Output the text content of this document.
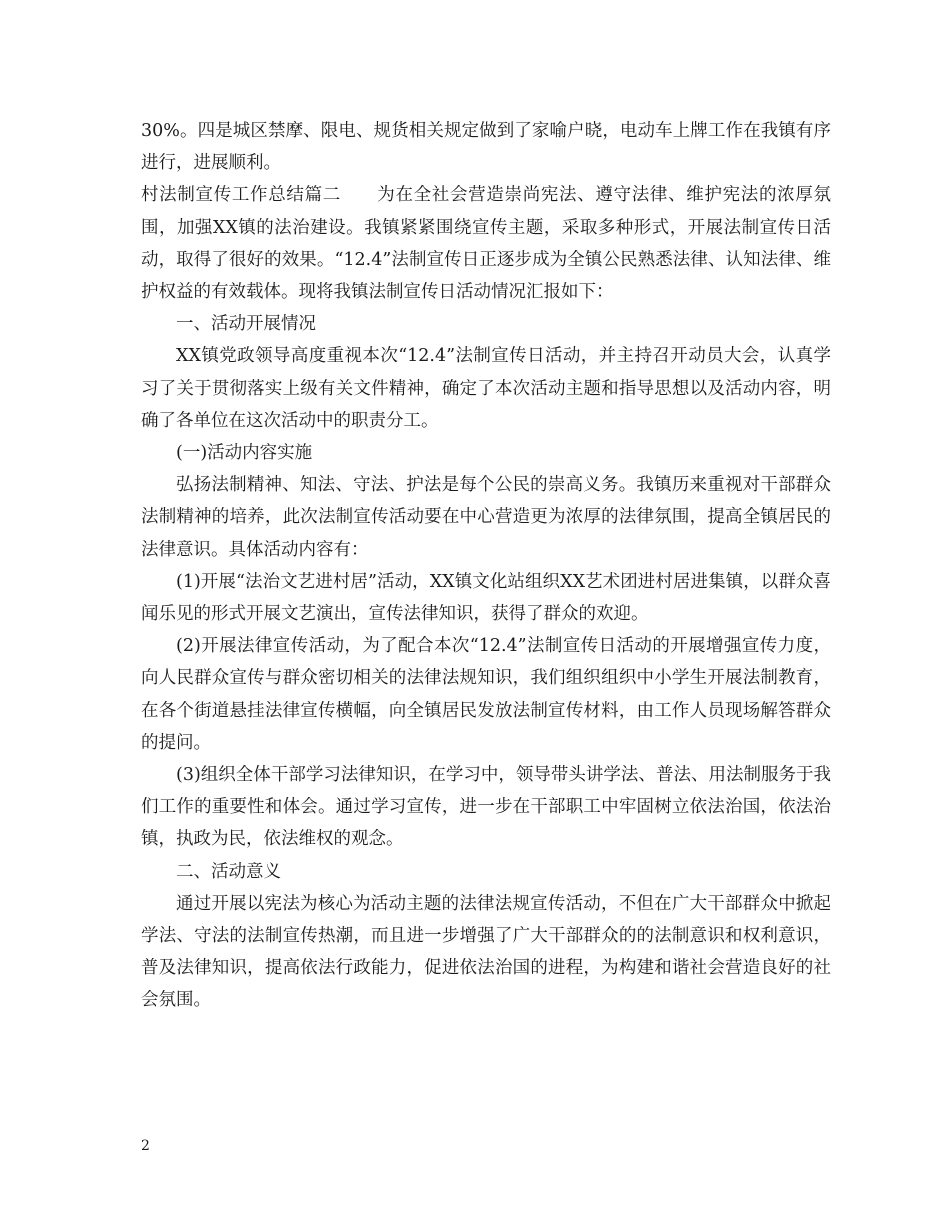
30%。四是城区禁摩、限电、规货相关规定做到了家喻户晓，电动车上牌工作在我镇有序进行，进展顺利。

村法制宣传工作总结篇二　　为在全社会营造崇尚宪法、遵守法律、维护宪法的浓厚氛围，加强XX镇的法治建设。我镇紧紧围绕宣传主题，采取多种形式，开展法制宣传日活动，取得了很好的效果。“12.4”法制宣传日正逐步成为全镇公民熟悉法律、认知法律、维护权益的有效载体。现将我镇法制宣传日活动情况汇报如下：

一、活动开展情况

XX镇党政领导高度重视本次“12.4”法制宣传日活动，并主持召开动员大会，认真学习了关于贯彻落实上级有关文件精神，确定了本次活动主题和指导思想以及活动内容，明确了各单位在这次活动中的职责分工。

(一)活动内容实施

弘扬法制精神、知法、守法、护法是每个公民的崇高义务。我镇历来重视对干部群众法制精神的培养，此次法制宣传活动要在中心营造更为浓厚的法律氛围，提高全镇居民的法律意识。具体活动内容有：

(1)开展“法治文艺进村居”活动，XX镇文化站组织XX艺术团进村居进集镇，以群众喜闻乐见的形式开展文艺演出，宣传法律知识，获得了群众的欢迎。

(2)开展法律宣传活动，为了配合本次“12.4”法制宣传日活动的开展增强宣传力度，向人民群众宣传与群众密切相关的法律法规知识，我们组织组织中小学生开展法制教育，在各个街道悬挂法律宣传横幅，向全镇居民发放法制宣传材料，由工作人员现场解答群众的提问。

(3)组织全体干部学习法律知识，在学习中，领导带头讲学法、普法、用法制服务于我们工作的重要性和体会。通过学习宣传，进一步在干部职工中牢固树立依法治国，依法治镇，执政为民，依法维权的观念。

二、活动意义

通过开展以宪法为核心为活动主题的法律法规宣传活动，不但在广大干部群众中掀起学法、守法的法制宣传热潮，而且进一步增强了广大干部群众的的法制意识和权利意识，普及法律知识，提高依法行政能力，促进依法治国的进程，为构建和谐社会营造良好的社会氛围。

2
